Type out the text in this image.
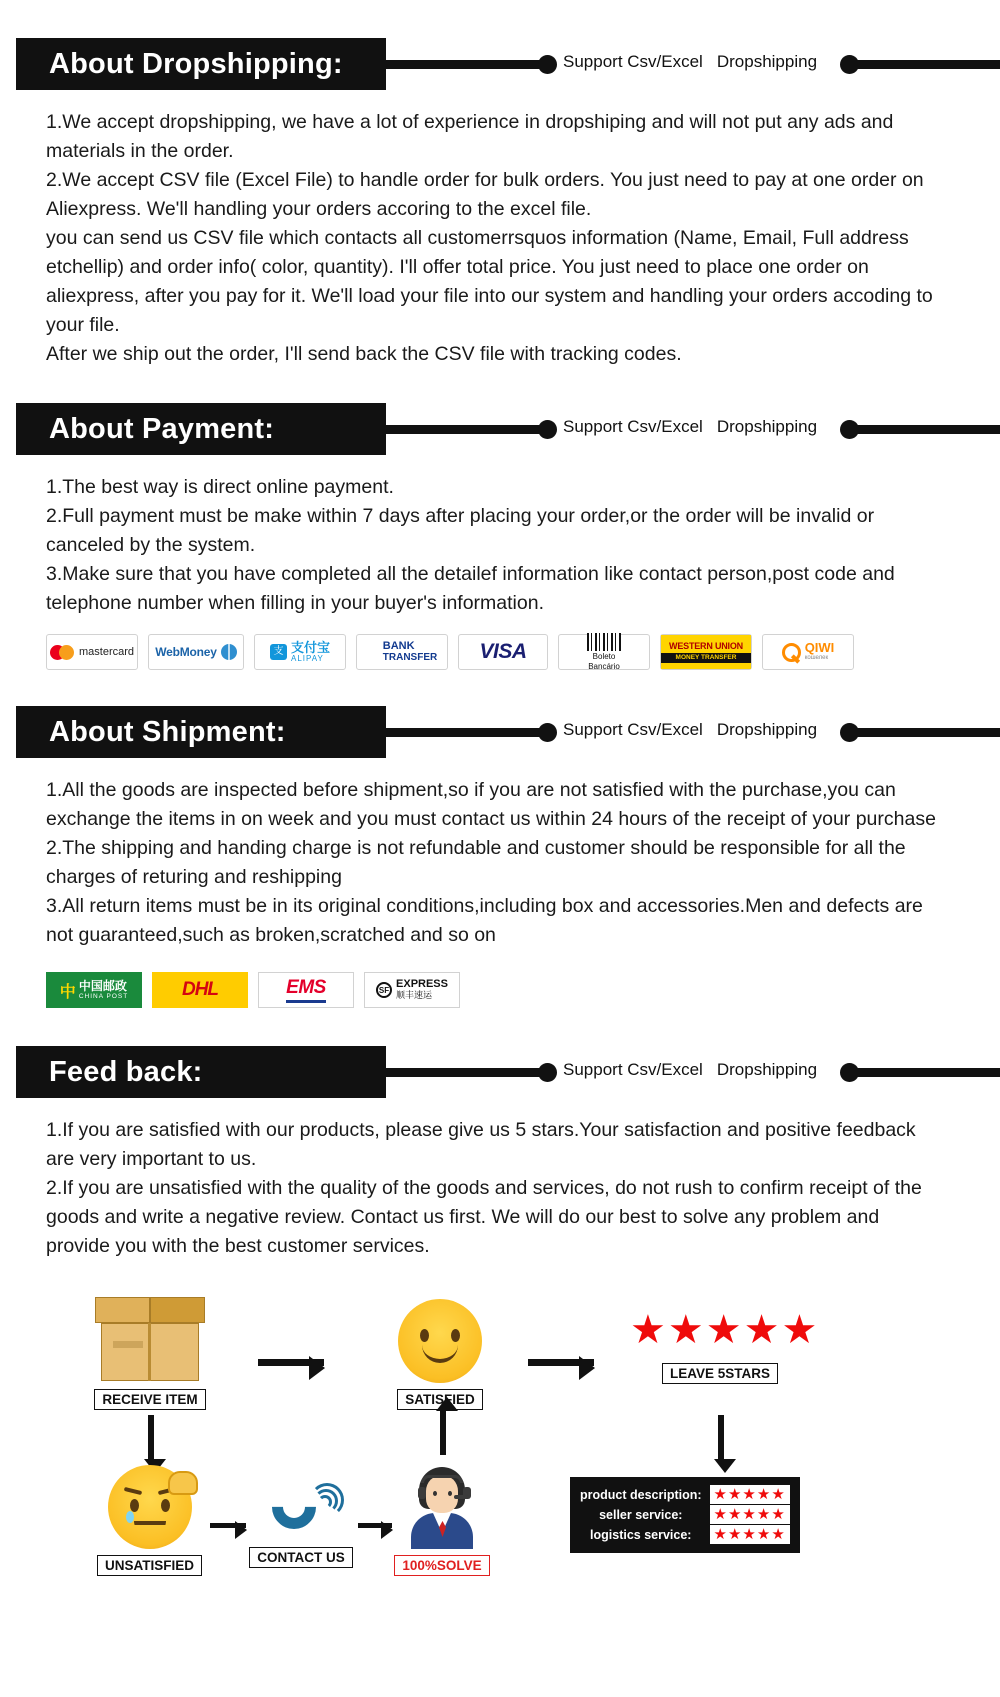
About Dropshipping:	Support Csv/Excel Dropshipping

1.We accept dropshipping, we have a lot of experience in dropshiping and will not put any ads and materials in the order.

2.We accept CSV file (Excel File) to handle order for bulk orders. You just need to pay at one order on Aliexpress. We'll handling your orders accoring to the excel file.

you can send us CSV file which contacts all customerrsquos information (Name, Email, Full address etchellip) and order info( color, quantity). I'll offer total price. You just need to place one order on aliexpress, after you pay for it. We'll load your file into our system and handling your orders accoding to your file.

After we ship out the order, I'll send back the CSV file with tracking codes.

About Payment:	Support Csv/Excel Dropshipping

1.The best way is direct online payment.

2.Full payment must be make within 7 days after placing your order,or the order will be invalid or canceled by the system.

3.Make sure that you have completed all the detailef information like contact person,post code and telephone number when filling in your buyer's information.

mastercard WebMoney	支 支付宝
ALIPAY
BANK
TRANSFER VISA	Boleto
Bancário
WESTERN UNION
MONEY TRANSFER
QIWI
кошелек
About Shipment:	Support Csv/Excel Dropshipping

1.All the goods are inspected before shipment,so if you are not satisfied with the purchase,you can exchange the items in on week and you must contact us within 24 hours of the receipt of your purchase

2.The shipping and handing charge is not refundable and customer should be responsible for all the charges of returing and reshipping

3.All return items must be in its original conditions,including box and accessories.Men and defects are not guaranteed,such as broken,scratched and so on

中 中国邮政
CHINA POST	DHL	EMS	SF EXPRESS
顺丰速运
Feed back:	Support Csv/Excel Dropshipping

1.If you are satisfied with our products, please give us 5 stars.Your satisfaction and positive feedback are very important to us.

2.If you are unsatisfied with the quality of the goods and services, do not rush to confirm receipt of the goods and write a negative review. Contact us first. We will do our best to solve any problem and provide you with the best customer services.

RECEIVE ITEM	SATISFIED
★★★★★
LEAVE 5STARS
UNSATISFIED
CONTACT US
100%SOLVE
product description:	★★★★★
seller service:	★★★★★
logistics service:	★★★★★
